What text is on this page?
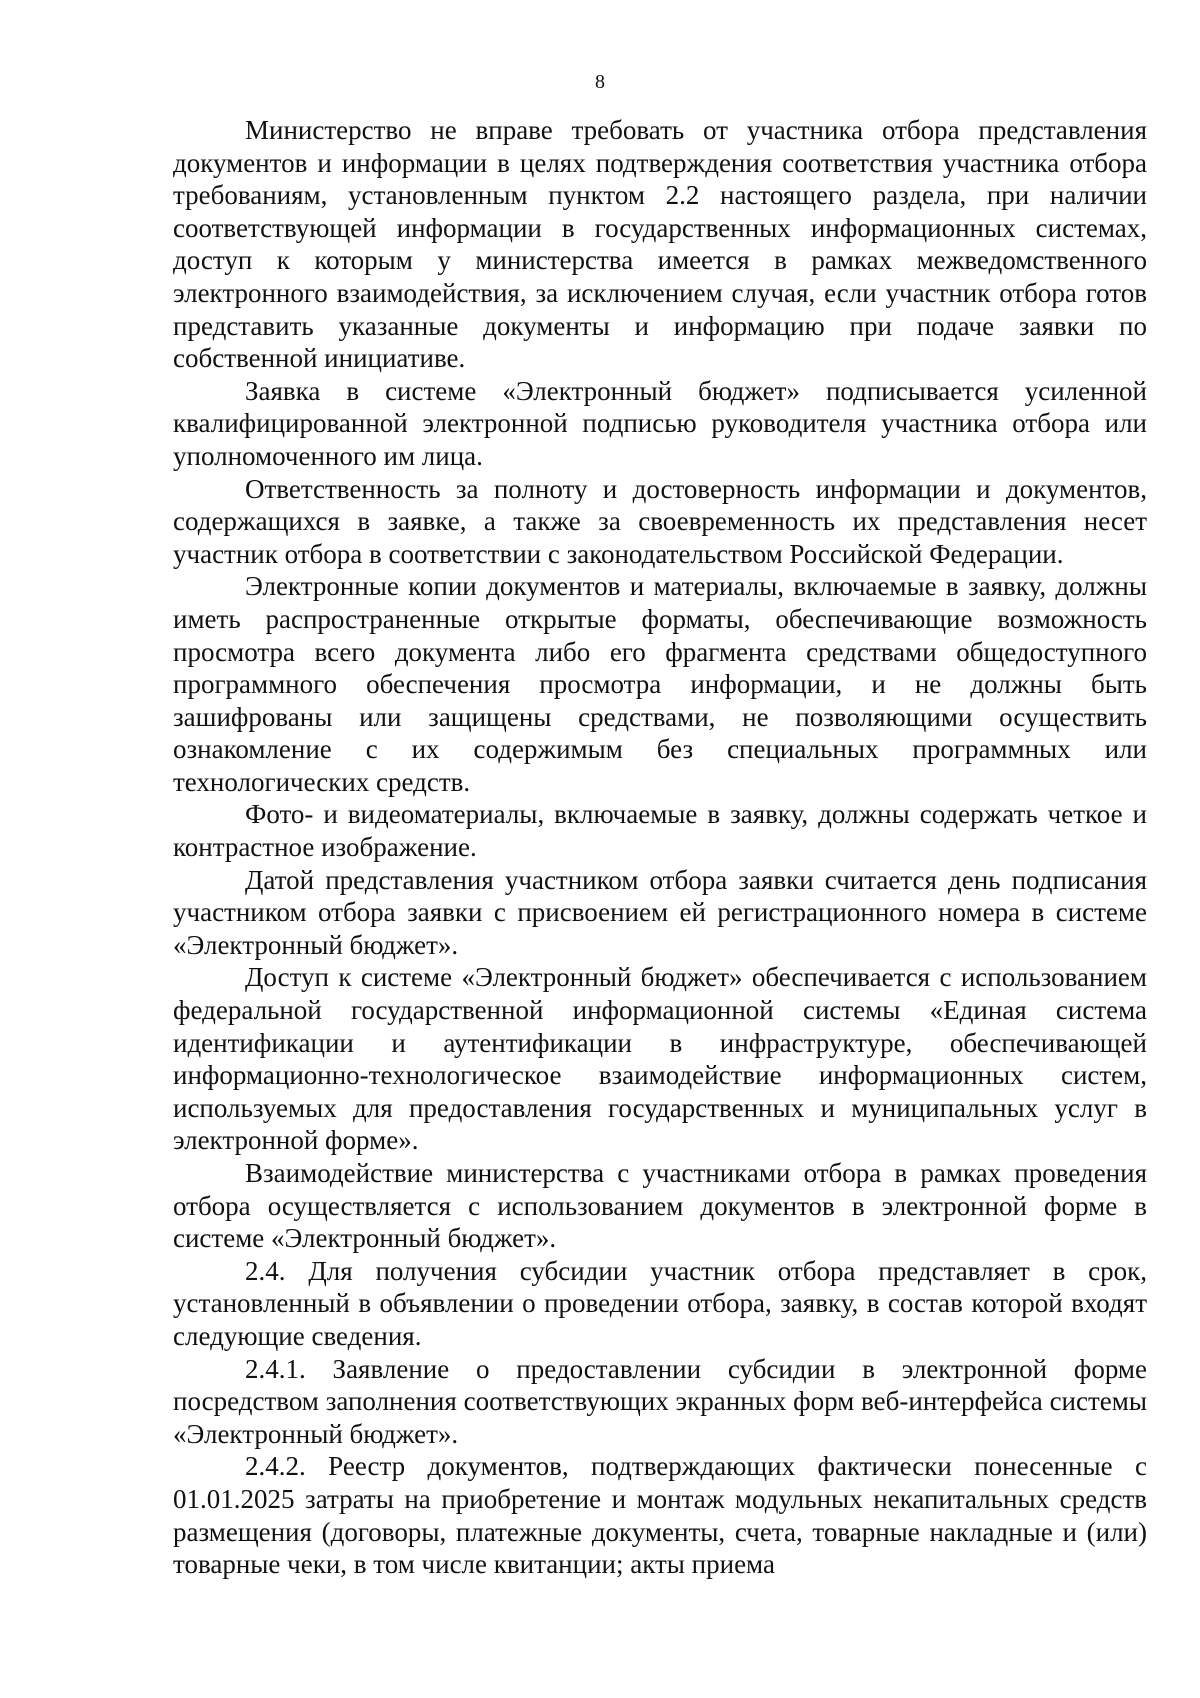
8

Министерство не вправе требовать от участника отбора представления документов и информации в целях подтверждения соответствия участника отбора требованиям, установленным пунктом 2.2 настоящего раздела, при наличии соответствующей информации в государственных информационных системах, доступ к которым у министерства имеется в рамках межведомственного электронного взаимодействия, за исключением случая, если участник отбора готов представить указанные документы и информацию при подаче заявки по собственной инициативе.

Заявка в системе «Электронный бюджет» подписывается усиленной квалифицированной электронной подписью руководителя участника отбора или уполномоченного им лица.

Ответственность за полноту и достоверность информации и документов, содержащихся в заявке, а также за своевременность их представления несет участник отбора в соответствии с законодательством Российской Федерации.

Электронные копии документов и материалы, включаемые в заявку, должны иметь распространенные открытые форматы, обеспечивающие возможность просмотра всего документа либо его фрагмента средствами общедоступного программного обеспечения просмотра информации, и не должны быть зашифрованы или защищены средствами, не позволяющими осуществить ознакомление с их содержимым без специальных программных или технологических средств.

Фото- и видеоматериалы, включаемые в заявку, должны содержать четкое и контрастное изображение.

Датой представления участником отбора заявки считается день подписания участником отбора заявки с присвоением ей регистрационного номера в системе «Электронный бюджет».

Доступ к системе «Электронный бюджет» обеспечивается с использованием федеральной государственной информационной системы «Единая система идентификации и аутентификации в инфраструктуре, обеспечивающей информационно-технологическое взаимодействие информационных систем, используемых для предоставления государственных и муниципальных услуг в электронной форме».

Взаимодействие министерства с участниками отбора в рамках проведения отбора осуществляется с использованием документов в электронной форме в системе «Электронный бюджет».

2.4. Для получения субсидии участник отбора представляет в срок, установленный в объявлении о проведении отбора, заявку, в состав которой входят следующие сведения.

2.4.1. Заявление о предоставлении субсидии в электронной форме посредством заполнения соответствующих экранных форм веб-интерфейса системы «Электронный бюджет».

2.4.2. Реестр документов, подтверждающих фактически понесенные с 01.01.2025 затраты на приобретение и монтаж модульных некапитальных средств размещения (договоры, платежные документы, счета, товарные накладные и (или) товарные чеки, в том числе квитанции; акты приема
